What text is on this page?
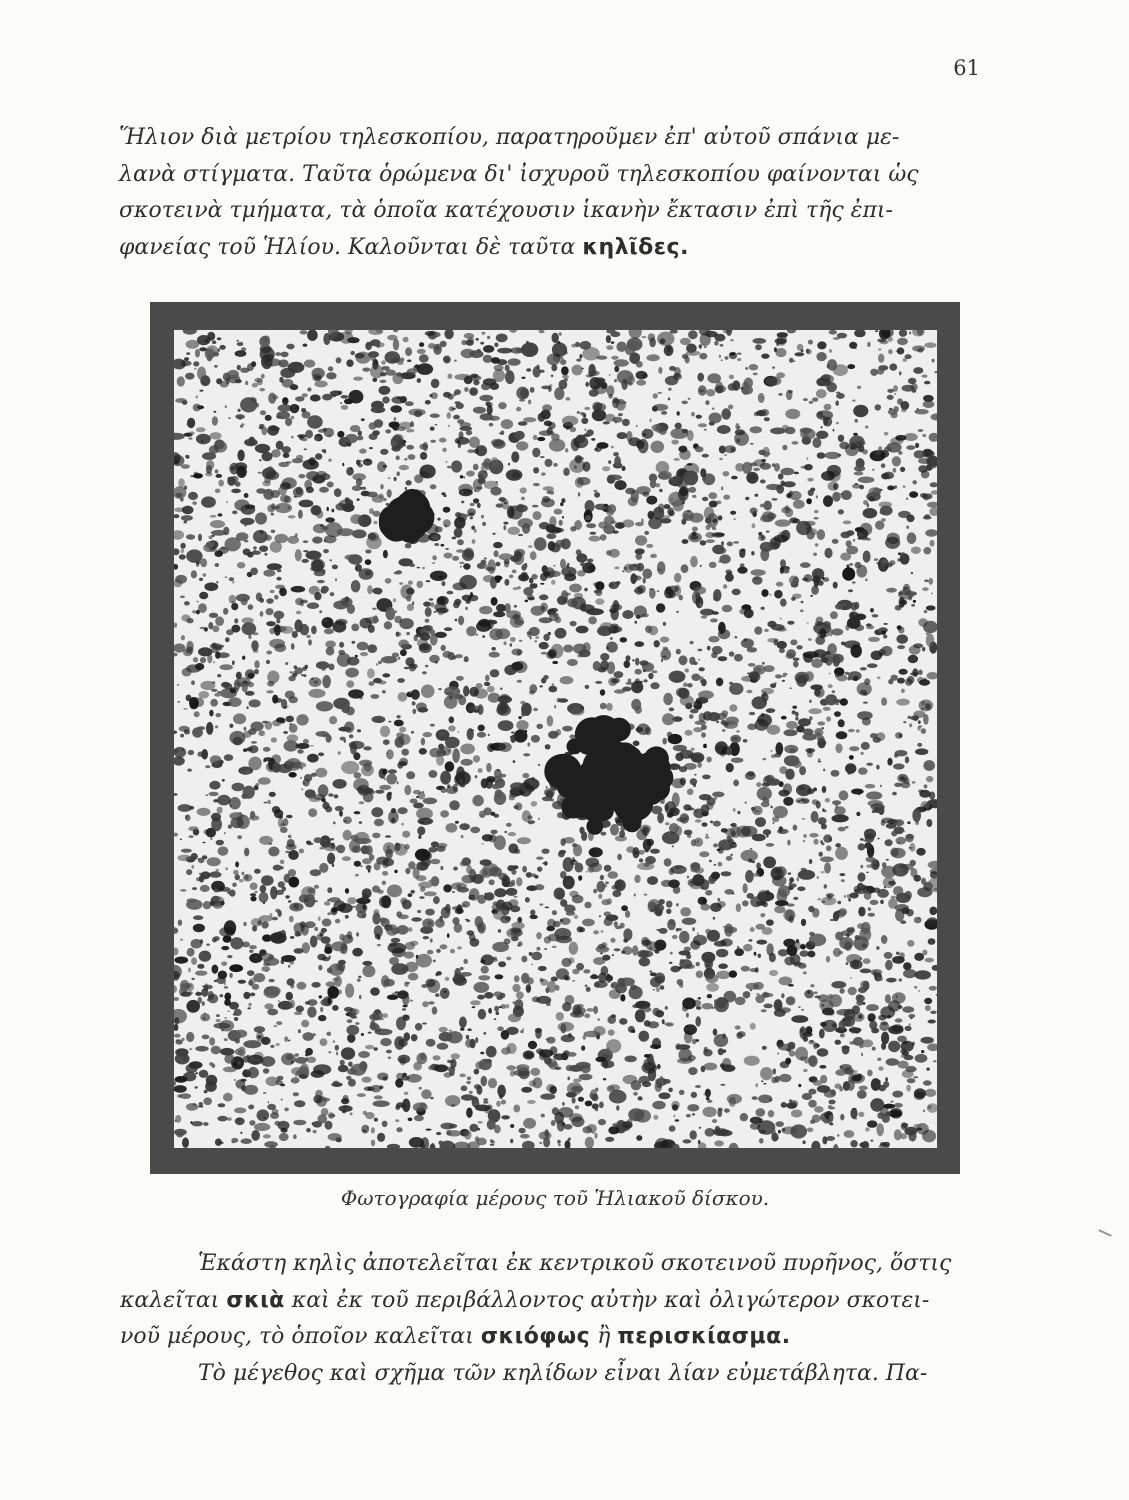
61

Ἥλιον διὰ μετρίου τηλεσκοπίου, παρατηροῦμεν ἐπ' αὐτοῦ σπάνια με-
λανὰ στίγματα. Ταῦτα ὁρώμενα δι' ἰσχυροῦ τηλεσκοπίου φαίνονται ὡς
σκοτεινὰ τμήματα, τὰ ὁποῖα κατέχουσιν ἱκανὴν ἔκτασιν ἐπὶ τῆς ἐπι-
φανείας τοῦ Ἡλίου. Καλοῦνται δὲ ταῦτα κηλῖδες.

Φωτογραφία μέρους τοῦ Ἡλιακοῦ δίσκου.

Ἑκάστη κηλὶς ἀποτελεῖται ἐκ κεντρικοῦ σκοτεινοῦ πυρῆνος, ὅστις
καλεῖται σκιὰ καὶ ἐκ τοῦ περιβάλλοντος αὐτὴν καὶ ὀλιγώτερον σκοτει-
νοῦ μέρους, τὸ ὁποῖον καλεῖται σκιόφως ἢ περισκίασμα.
Τὸ μέγεθος καὶ σχῆμα τῶν κηλίδων εἶναι λίαν εὐμετάβλητα. Πα-
